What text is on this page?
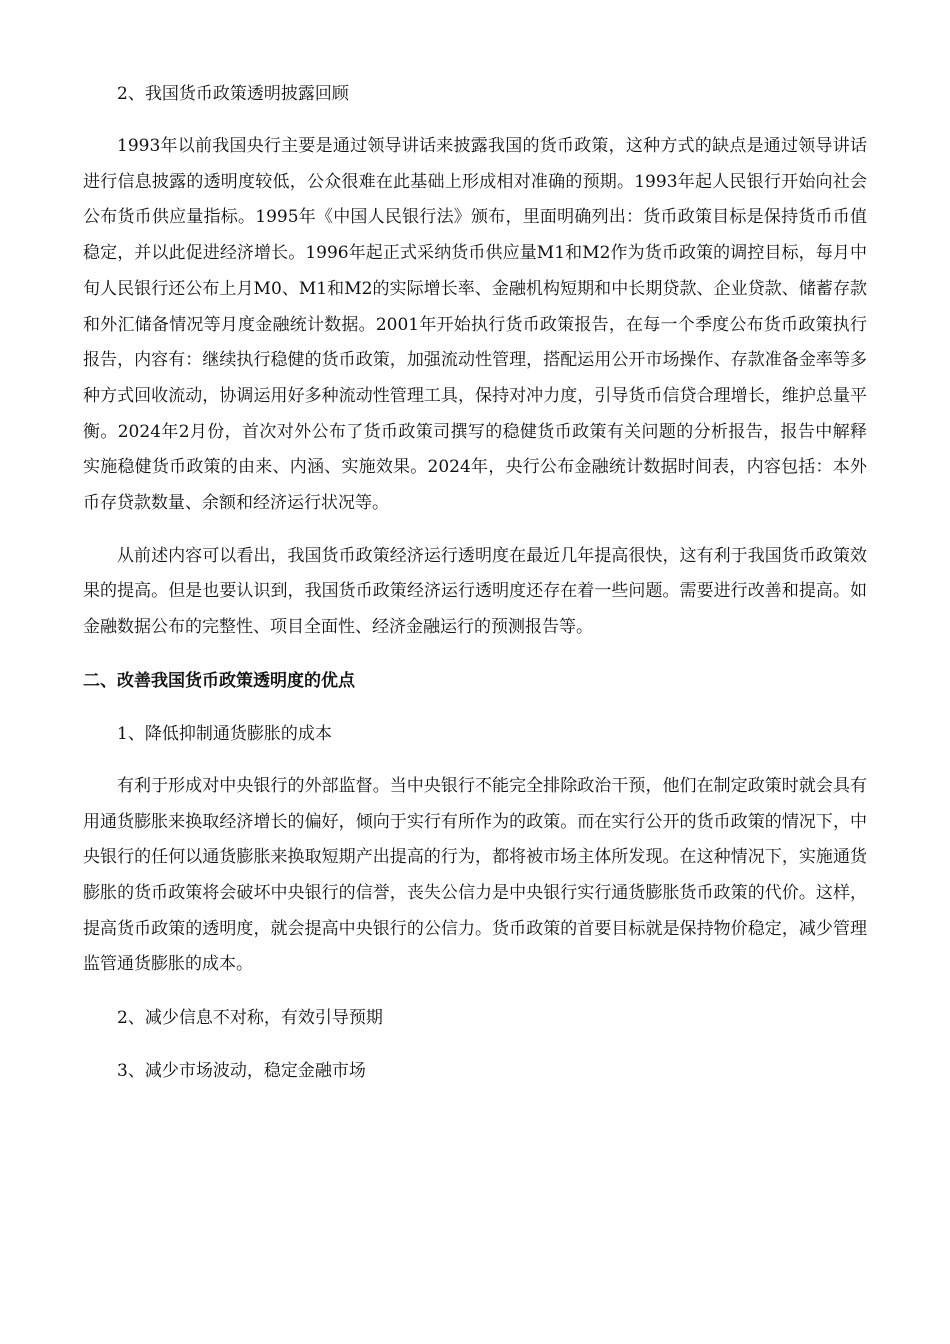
2、我国货币政策透明披露回顾

1993年以前我国央行主要是通过领导讲话来披露我国的货币政策，这种方式的缺点是通过领导讲话进行信息披露的透明度较低，公众很难在此基础上形成相对准确的预期。1993年起人民银行开始向社会公布货币供应量指标。1995年《中国人民银行法》颁布，里面明确列出：货币政策目标是保持货币币值稳定，并以此促进经济增长。1996年起正式采纳货币供应量M1和M2作为货币政策的调控目标，每月中旬人民银行还公布上月M0、M1和M2的实际增长率、金融机构短期和中长期贷款、企业贷款、储蓄存款和外汇储备情况等月度金融统计数据。2001年开始执行货币政策报告，在每一个季度公布货币政策执行报告，内容有：继续执行稳健的货币政策，加强流动性管理，搭配运用公开市场操作、存款准备金率等多种方式回收流动，协调运用好多种流动性管理工具，保持对冲力度，引导货币信贷合理增长，维护总量平衡。2024年2月份，首次对外公布了货币政策司撰写的稳健货币政策有关问题的分析报告，报告中解释实施稳健货币政策的由来、内涵、实施效果。2024年，央行公布金融统计数据时间表，内容包括：本外币存贷款数量、余额和经济运行状况等。

从前述内容可以看出，我国货币政策经济运行透明度在最近几年提高很快，这有利于我国货币政策效果的提高。但是也要认识到，我国货币政策经济运行透明度还存在着一些问题。需要进行改善和提高。如金融数据公布的完整性、项目全面性、经济金融运行的预测报告等。

二、改善我国货币政策透明度的优点

1、降低抑制通货膨胀的成本

有利于形成对中央银行的外部监督。当中央银行不能完全排除政治干预，他们在制定政策时就会具有用通货膨胀来换取经济增长的偏好，倾向于实行有所作为的政策。而在实行公开的货币政策的情况下，中央银行的任何以通货膨胀来换取短期产出提高的行为，都将被市场主体所发现。在这种情况下，实施通货膨胀的货币政策将会破坏中央银行的信誉，丧失公信力是中央银行实行通货膨胀货币政策的代价。这样，提高货币政策的透明度，就会提高中央银行的公信力。货币政策的首要目标就是保持物价稳定，减少管理监管通货膨胀的成本。

2、减少信息不对称，有效引导预期

3、减少市场波动，稳定金融市场
